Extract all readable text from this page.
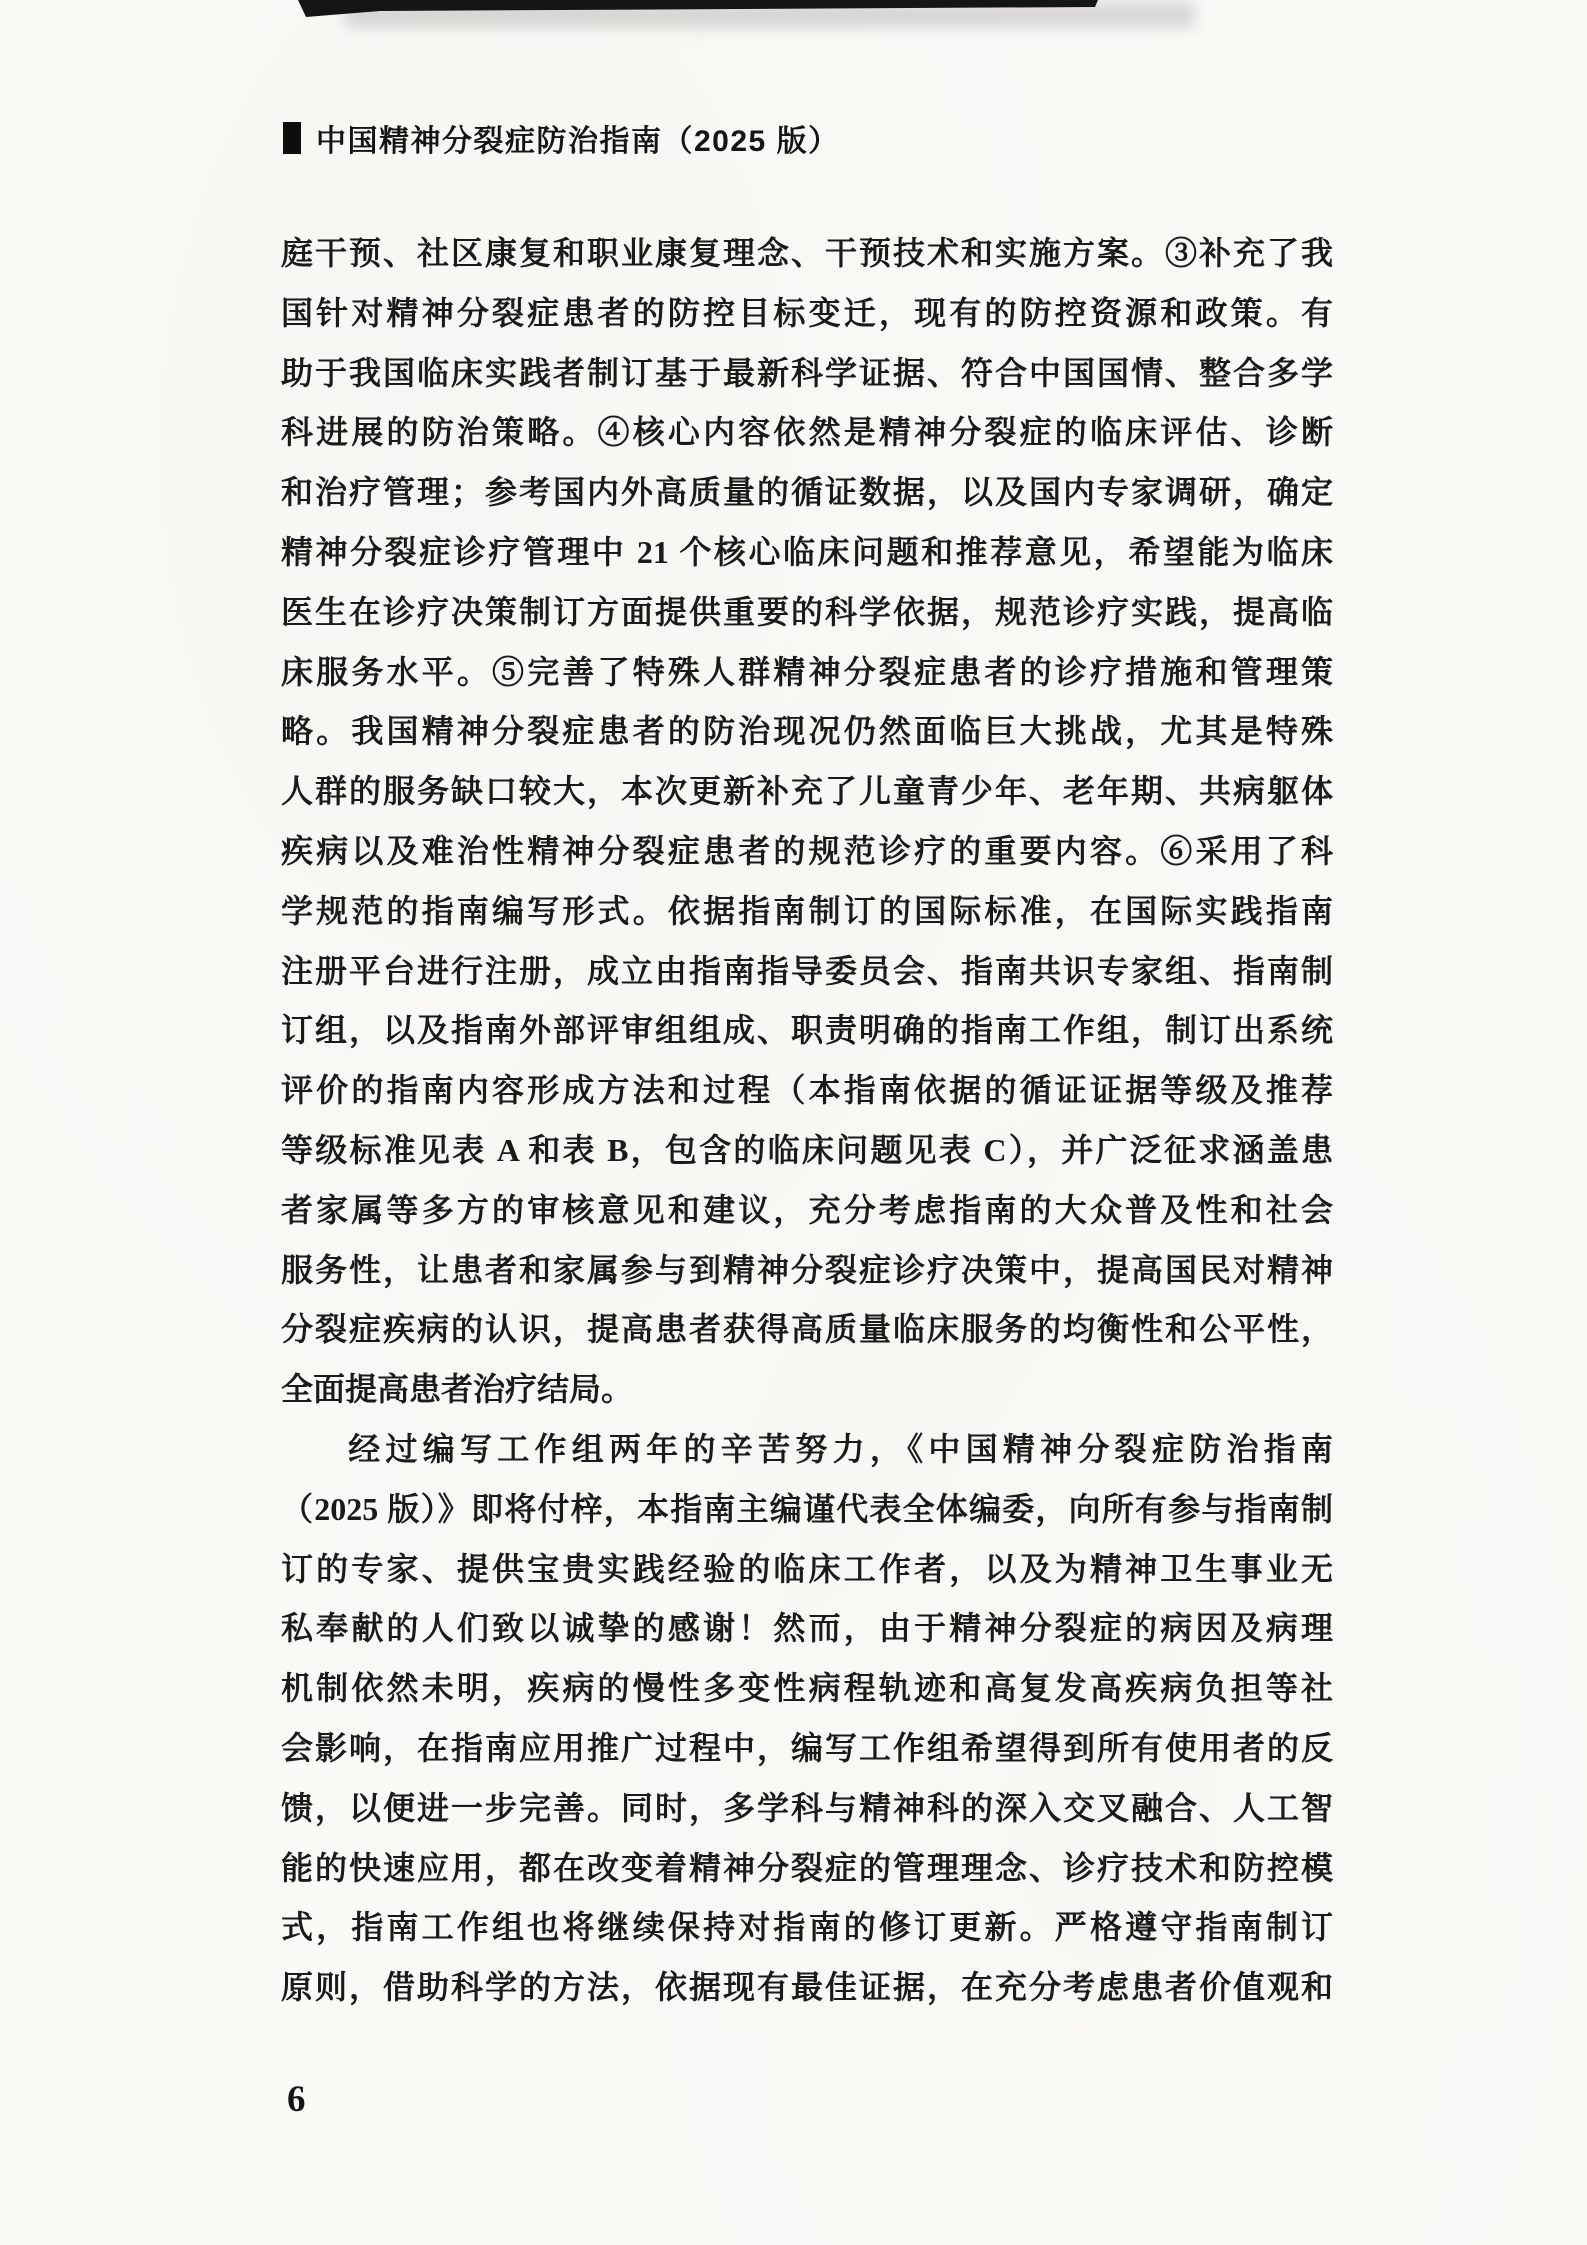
中国精神分裂症防治指南（2025 版）
庭干预、社区康复和职业康复理念、干预技术和实施方案。③补充了我
国针对精神分裂症患者的防控目标变迁，现有的防控资源和政策。有
助于我国临床实践者制订基于最新科学证据、符合中国国情、整合多学
科进展的防治策略。④核心内容依然是精神分裂症的临床评估、诊断
和治疗管理；参考国内外高质量的循证数据，以及国内专家调研，确定
精神分裂症诊疗管理中 21 个核心临床问题和推荐意见，希望能为临床
医生在诊疗决策制订方面提供重要的科学依据，规范诊疗实践，提高临
床服务水平。⑤完善了特殊人群精神分裂症患者的诊疗措施和管理策
略。我国精神分裂症患者的防治现况仍然面临巨大挑战，尤其是特殊
人群的服务缺口较大，本次更新补充了儿童青少年、老年期、共病躯体
疾病以及难治性精神分裂症患者的规范诊疗的重要内容。⑥采用了科
学规范的指南编写形式。依据指南制订的国际标准，在国际实践指南
注册平台进行注册，成立由指南指导委员会、指南共识专家组、指南制
订组，以及指南外部评审组组成、职责明确的指南工作组，制订出系统
评价的指南内容形成方法和过程（本指南依据的循证证据等级及推荐
等级标准见表 A 和表 B，包含的临床问题见表 C），并广泛征求涵盖患
者家属等多方的审核意见和建议，充分考虑指南的大众普及性和社会
服务性，让患者和家属参与到精神分裂症诊疗决策中，提高国民对精神
分裂症疾病的认识，提高患者获得高质量临床服务的均衡性和公平性，
全面提高患者治疗结局。
经过编写工作组两年的辛苦努力，《中国精神分裂症防治指南
（2025 版）》即将付梓，本指南主编谨代表全体编委，向所有参与指南制
订的专家、提供宝贵实践经验的临床工作者，以及为精神卫生事业无
私奉献的人们致以诚挚的感谢！然而，由于精神分裂症的病因及病理
机制依然未明，疾病的慢性多变性病程轨迹和高复发高疾病负担等社
会影响，在指南应用推广过程中，编写工作组希望得到所有使用者的反
馈，以便进一步完善。同时，多学科与精神科的深入交叉融合、人工智
能的快速应用，都在改变着精神分裂症的管理理念、诊疗技术和防控模
式，指南工作组也将继续保持对指南的修订更新。严格遵守指南制订
原则，借助科学的方法，依据现有最佳证据，在充分考虑患者价值观和
6
